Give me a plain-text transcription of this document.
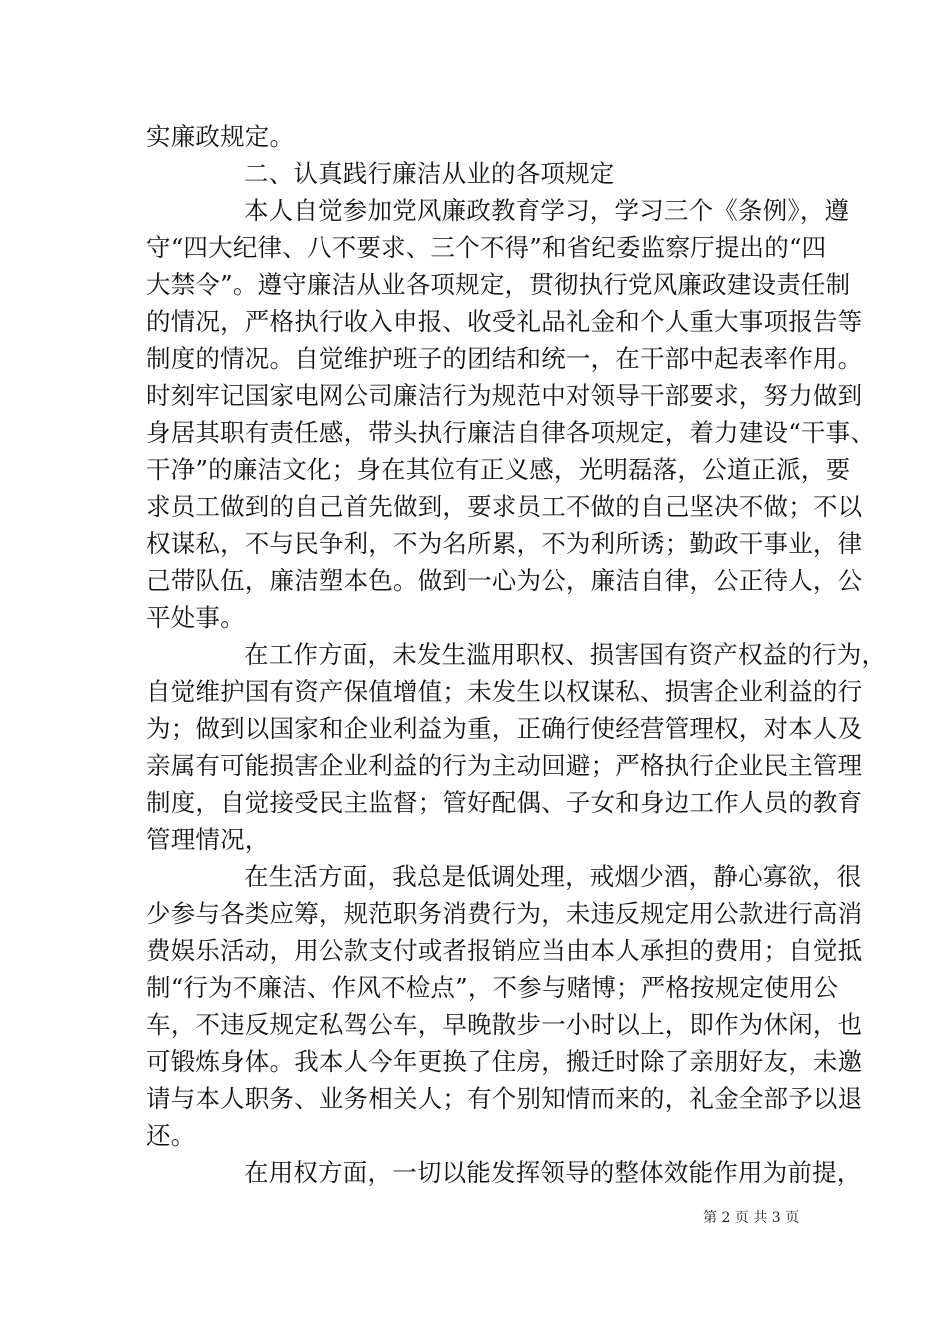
实廉政规定。
二、认真践行廉洁从业的各项规定
本人自觉参加党风廉政教育学习，学习三个《条例》，遵
守“四大纪律、八不要求、三个不得”和省纪委监察厅提出的“四
大禁令”。遵守廉洁从业各项规定，贯彻执行党风廉政建设责任制
的情况，严格执行收入申报、收受礼品礼金和个人重大事项报告等
制度的情况。自觉维护班子的团结和统一，在干部中起表率作用。
时刻牢记国家电网公司廉洁行为规范中对领导干部要求，努力做到
身居其职有责任感，带头执行廉洁自律各项规定，着力建设“干事、
干净”的廉洁文化；身在其位有正义感，光明磊落，公道正派，要
求员工做到的自己首先做到，要求员工不做的自己坚决不做；不以
权谋私，不与民争利，不为名所累，不为利所诱；勤政干事业，律
己带队伍，廉洁塑本色。做到一心为公，廉洁自律，公正待人，公
平处事。
在工作方面，未发生滥用职权、损害国有资产权益的行为，
自觉维护国有资产保值增值；未发生以权谋私、损害企业利益的行
为；做到以国家和企业利益为重，正确行使经营管理权，对本人及
亲属有可能损害企业利益的行为主动回避；严格执行企业民主管理
制度，自觉接受民主监督；管好配偶、子女和身边工作人员的教育
管理情况，
在生活方面，我总是低调处理，戒烟少酒，静心寡欲，很
少参与各类应筹，规范职务消费行为，未违反规定用公款进行高消
费娱乐活动，用公款支付或者报销应当由本人承担的费用；自觉抵
制“行为不廉洁、作风不检点”，不参与赌博；严格按规定使用公
车，不违反规定私驾公车，早晚散步一小时以上，即作为休闲，也
可锻炼身体。我本人今年更换了住房，搬迁时除了亲朋好友，未邀
请与本人职务、业务相关人；有个别知情而来的，礼金全部予以退
还。
在用权方面，一切以能发挥领导的整体效能作用为前提，
第 2 页 共 3 页
